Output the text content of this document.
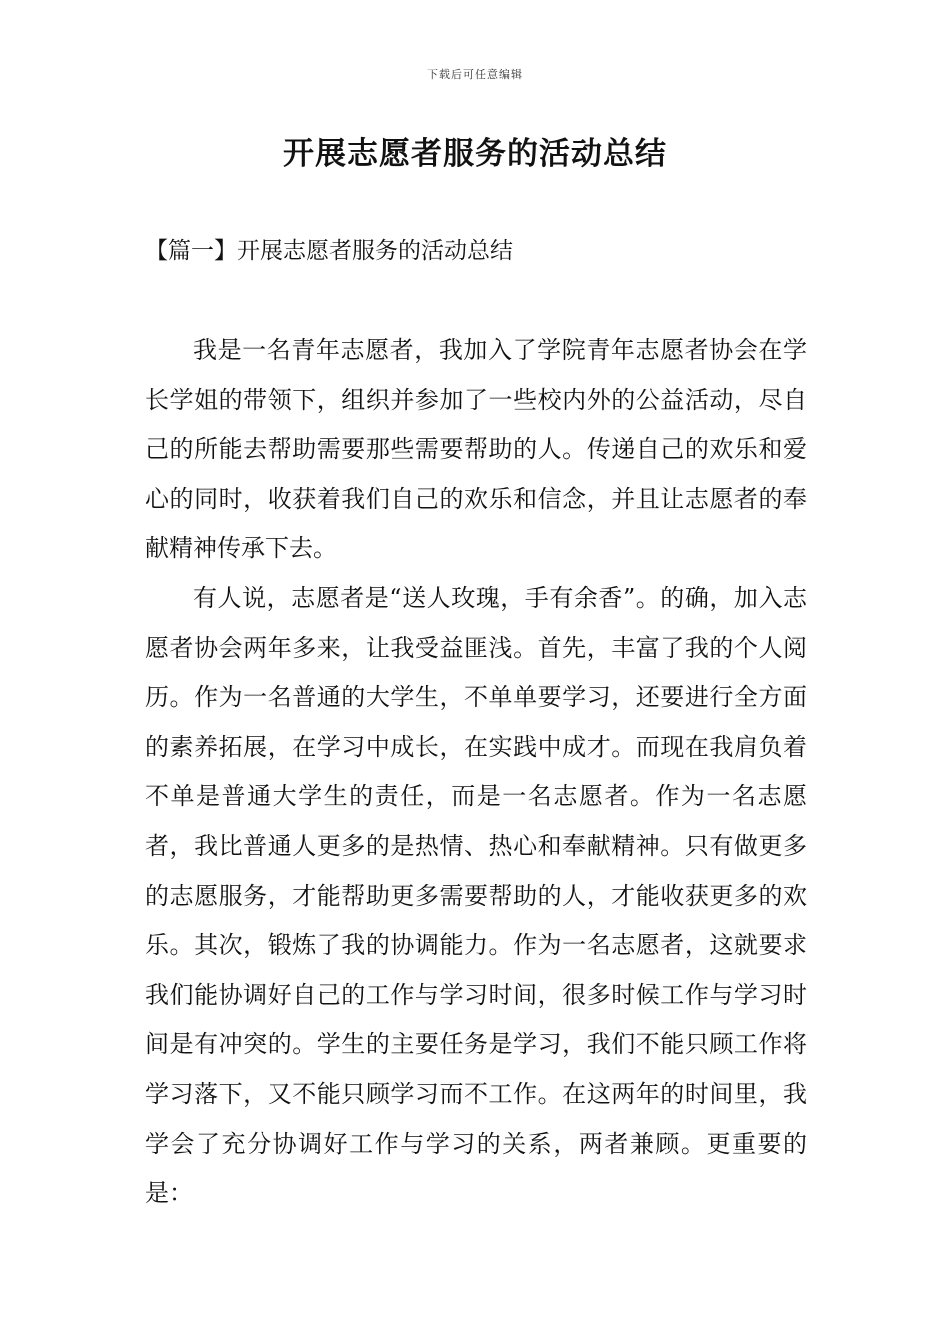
下载后可任意编辑
开展志愿者服务的活动总结
【篇一】开展志愿者服务的活动总结

我是一名青年志愿者，我加入了学院青年志愿者协会在学长学姐的带领下，组织并参加了一些校内外的公益活动，尽自己的所能去帮助需要那些需要帮助的人。传递自己的欢乐和爱心的同时，收获着我们自己的欢乐和信念，并且让志愿者的奉献精神传承下去。

有人说，志愿者是“送人玫瑰，手有余香”。的确，加入志愿者协会两年多来，让我受益匪浅。首先，丰富了我的个人阅历。作为一名普通的大学生，不单单要学习，还要进行全方面的素养拓展，在学习中成长，在实践中成才。而现在我肩负着不单是普通大学生的责任，而是一名志愿者。作为一名志愿者，我比普通人更多的是热情、热心和奉献精神。只有做更多的志愿服务，才能帮助更多需要帮助的人，才能收获更多的欢乐。其次，锻炼了我的协调能力。作为一名志愿者，这就要求我们能协调好自己的工作与学习时间，很多时候工作与学习时间是有冲突的。学生的主要任务是学习，我们不能只顾工作将学习落下，又不能只顾学习而不工作。在这两年的时间里，我学会了充分协调好工作与学习的关系，两者兼顾。更重要的是：
